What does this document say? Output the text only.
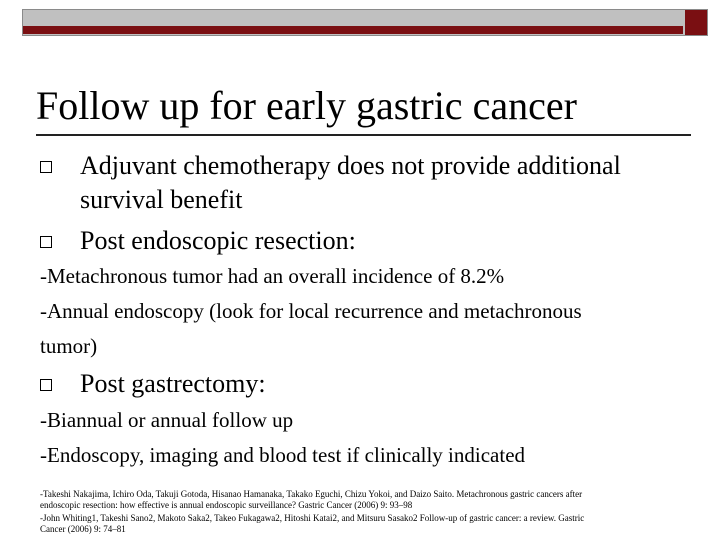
Follow up for early gastric cancer
Adjuvant chemotherapy does not provide additional
survival benefit
Post endoscopic resection:
-Metachronous tumor had an overall incidence of 8.2%
-Annual endoscopy (look for local recurrence and metachronous
tumor)
Post gastrectomy:
-Biannual or annual follow up
-Endoscopy, imaging and blood test if clinically indicated
-Takeshi Nakajima, Ichiro Oda, Takuji Gotoda, Hisanao Hamanaka, Takako Eguchi, Chizu Yokoi, and Daizo Saito. Metachronous gastric cancers after
endoscopic resection: how effective is annual endoscopic surveillance? Gastric Cancer (2006) 9: 93–98
-John Whiting1, Takeshi Sano2, Makoto Saka2, Takeo Fukagawa2, Hitoshi Katai2, and Mitsuru Sasako2 Follow-up of gastric cancer: a review. Gastric
Cancer (2006) 9: 74–81
